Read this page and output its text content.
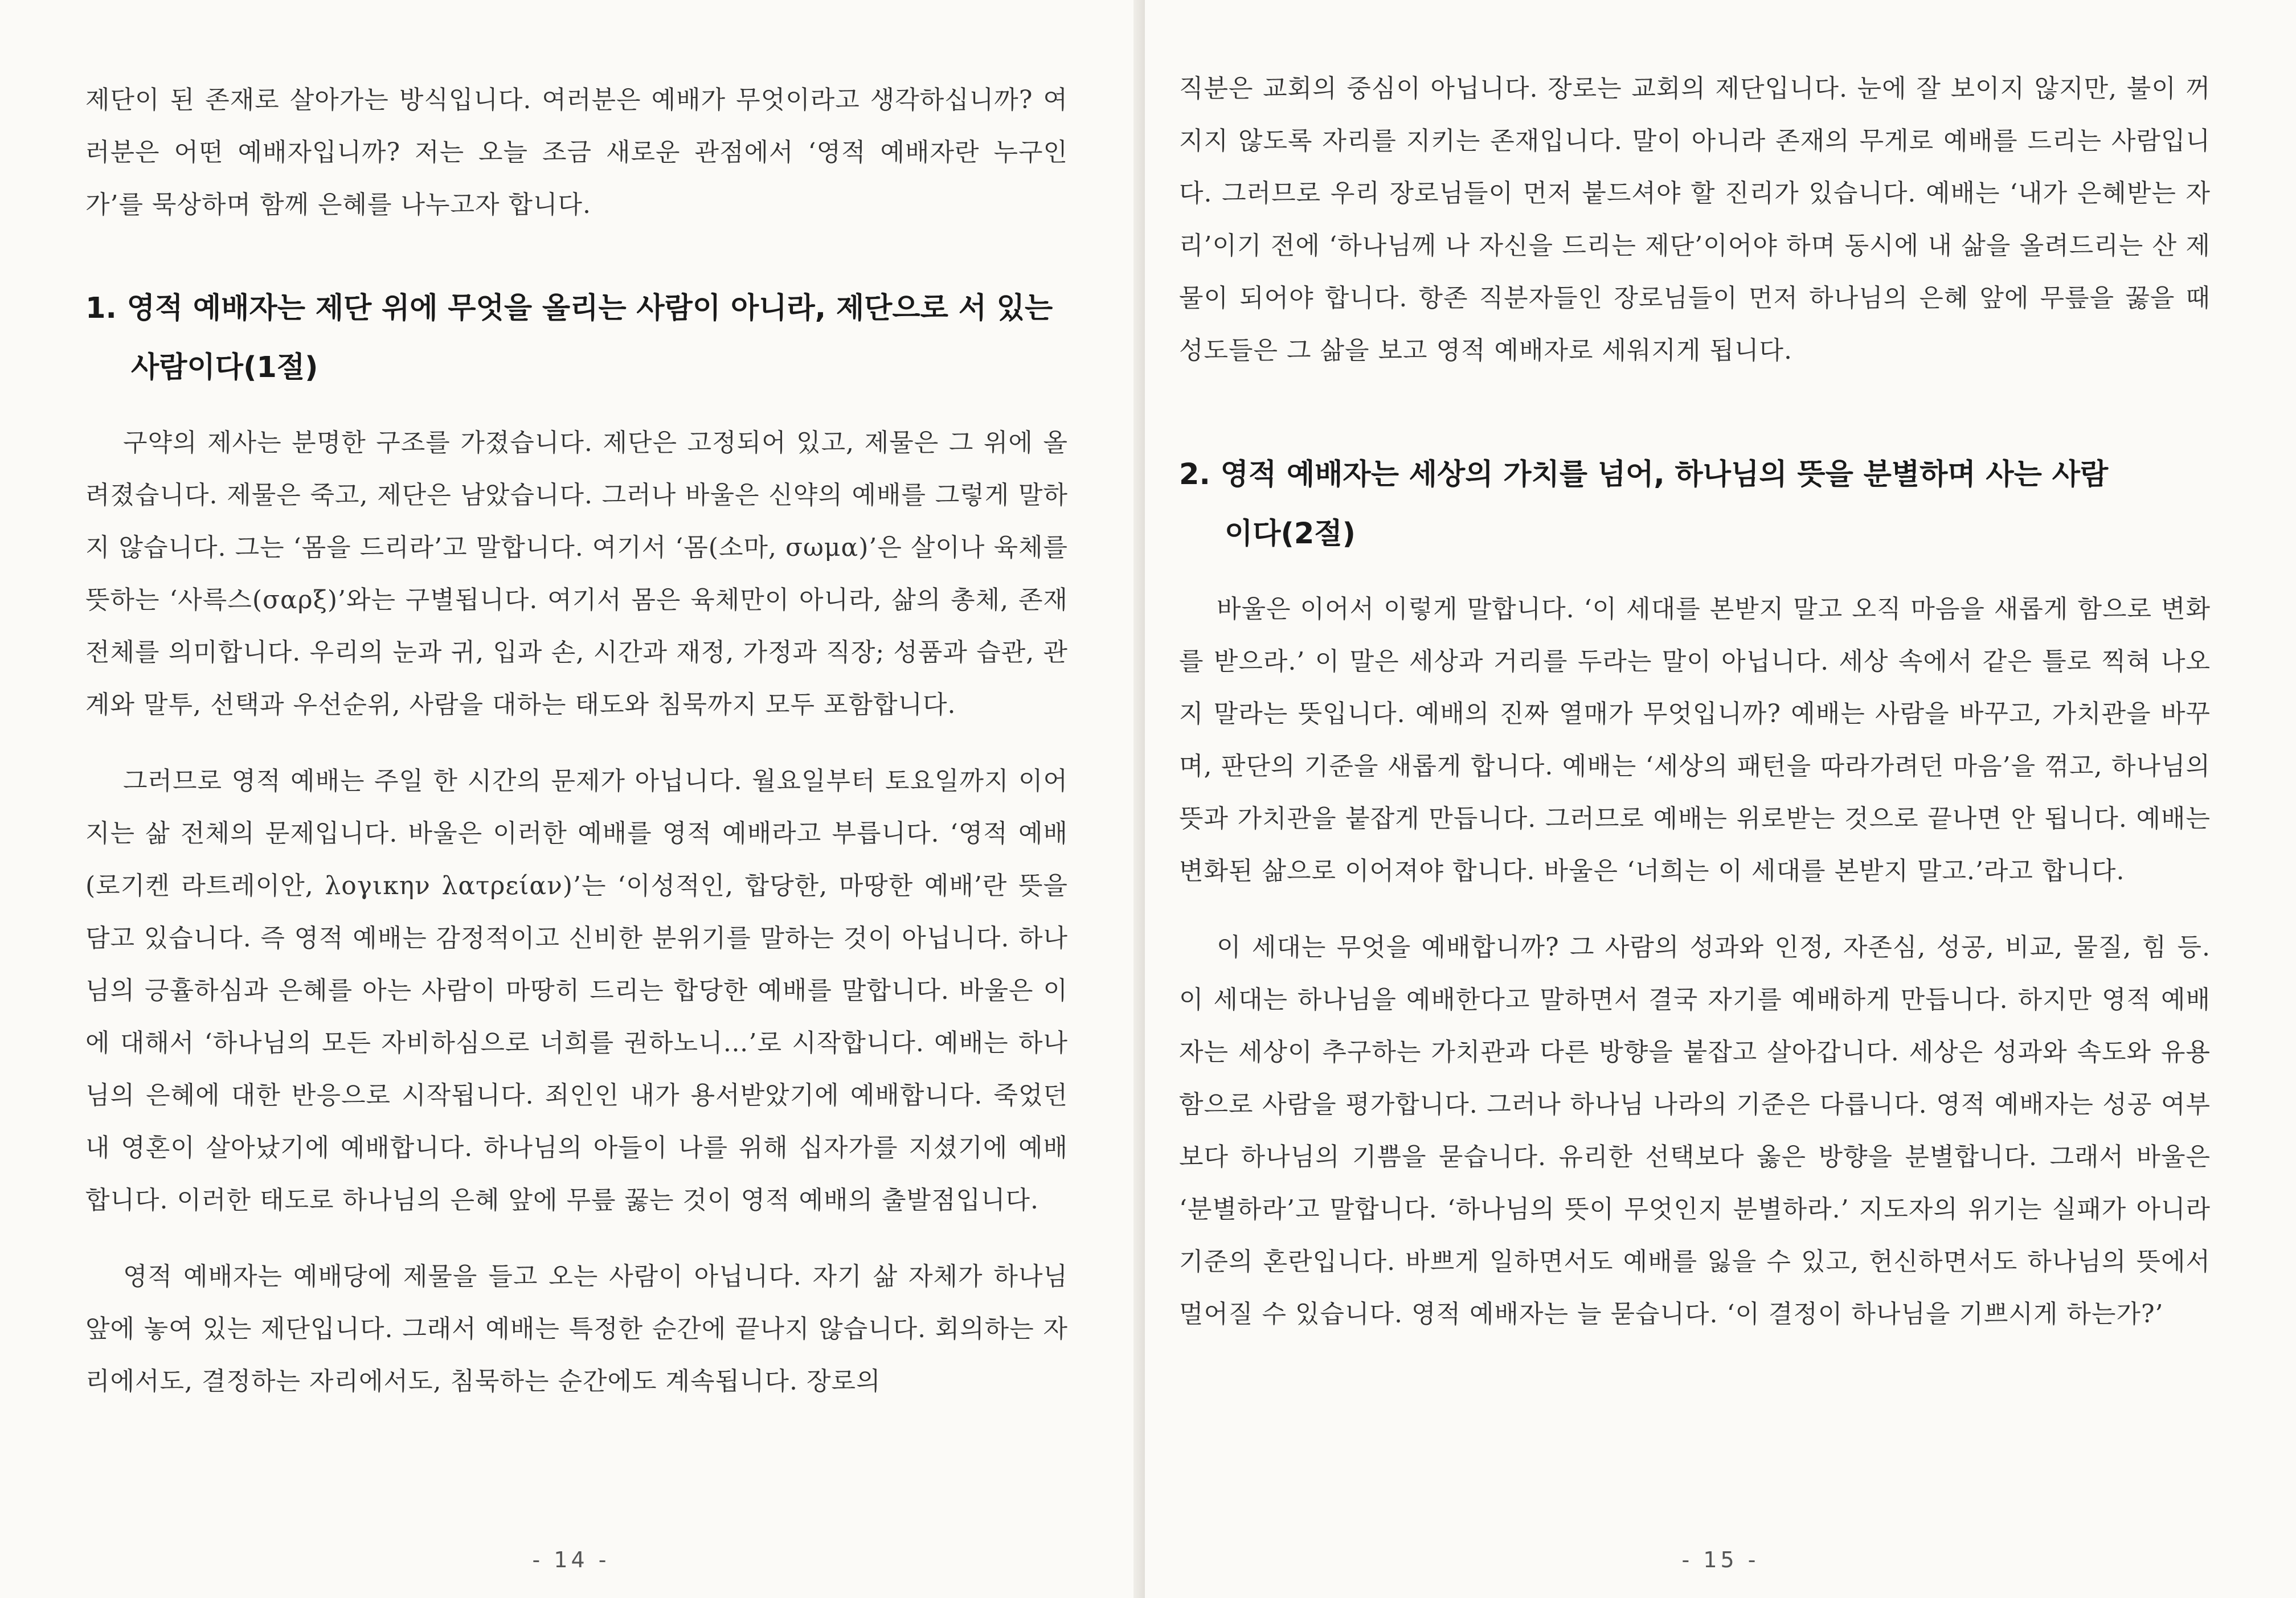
제단이 된 존재로 살아가는 방식입니다. 여러분은 예배가 무엇이라고 생각하십니까? 여러분은 어떤 예배자입니까? 저는 오늘 조금 새로운 관점에서 ‘영적 예배자란 누구인가’를 묵상하며 함께 은혜를 나누고자 합니다.

1. 영적 예배자는 제단 위에 무엇을 올리는 사람이 아니라, 제단으로 서 있는
사람이다(1절)

구약의 제사는 분명한 구조를 가졌습니다. 제단은 고정되어 있고, 제물은 그 위에 올려졌습니다. 제물은 죽고, 제단은 남았습니다. 그러나 바울은 신약의 예배를 그렇게 말하지 않습니다. 그는 ‘몸을 드리라’고 말합니다. 여기서 ‘몸(소마, σωμα)’은 살이나 육체를 뜻하는 ‘사륵스(σαρξ)’와는 구별됩니다. 여기서 몸은 육체만이 아니라, 삶의 총체, 존재 전체를 의미합니다. 우리의 눈과 귀, 입과 손, 시간과 재정, 가정과 직장; 성품과 습관, 관계와 말투, 선택과 우선순위, 사람을 대하는 태도와 침묵까지 모두 포함합니다.

그러므로 영적 예배는 주일 한 시간의 문제가 아닙니다. 월요일부터 토요일까지 이어지는 삶 전체의 문제입니다. 바울은 이러한 예배를 영적 예배라고 부릅니다. ‘영적 예배(로기켄 라트레이안, λογικην λατρείαν)’는 ‘이성적인, 합당한, 마땅한 예배’란 뜻을 담고 있습니다. 즉 영적 예배는 감정적이고 신비한 분위기를 말하는 것이 아닙니다. 하나님의 긍휼하심과 은혜를 아는 사람이 마땅히 드리는 합당한 예배를 말합니다. 바울은 이에 대해서 ‘하나님의 모든 자비하심으로 너희를 권하노니…’로 시작합니다. 예배는 하나님의 은혜에 대한 반응으로 시작됩니다. 죄인인 내가 용서받았기에 예배합니다. 죽었던 내 영혼이 살아났기에 예배합니다. 하나님의 아들이 나를 위해 십자가를 지셨기에 예배합니다. 이러한 태도로 하나님의 은혜 앞에 무릎 꿇는 것이 영적 예배의 출발점입니다.

영적 예배자는 예배당에 제물을 들고 오는 사람이 아닙니다. 자기 삶 자체가 하나님 앞에 놓여 있는 제단입니다. 그래서 예배는 특정한 순간에 끝나지 않습니다. 회의하는 자리에서도, 결정하는 자리에서도, 침묵하는 순간에도 계속됩니다. 장로의

- 14 -

직분은 교회의 중심이 아닙니다. 장로는 교회의 제단입니다. 눈에 잘 보이지 않지만, 불이 꺼지지 않도록 자리를 지키는 존재입니다. 말이 아니라 존재의 무게로 예배를 드리는 사람입니다. 그러므로 우리 장로님들이 먼저 붙드셔야 할 진리가 있습니다. 예배는 ‘내가 은혜받는 자리’이기 전에 ‘하나님께 나 자신을 드리는 제단’이어야 하며 동시에 내 삶을 올려드리는 산 제물이 되어야 합니다. 항존 직분자들인 장로님들이 먼저 하나님의 은혜 앞에 무릎을 꿇을 때 성도들은 그 삶을 보고 영적 예배자로 세워지게 됩니다.

2. 영적 예배자는 세상의 가치를 넘어, 하나님의 뜻을 분별하며 사는 사람
이다(2절)

바울은 이어서 이렇게 말합니다. ‘이 세대를 본받지 말고 오직 마음을 새롭게 함으로 변화를 받으라.’ 이 말은 세상과 거리를 두라는 말이 아닙니다. 세상 속에서 같은 틀로 찍혀 나오지 말라는 뜻입니다. 예배의 진짜 열매가 무엇입니까? 예배는 사람을 바꾸고, 가치관을 바꾸며, 판단의 기준을 새롭게 합니다. 예배는 ‘세상의 패턴을 따라가려던 마음’을 꺾고, 하나님의 뜻과 가치관을 붙잡게 만듭니다. 그러므로 예배는 위로받는 것으로 끝나면 안 됩니다. 예배는 변화된 삶으로 이어져야 합니다. 바울은 ‘너희는 이 세대를 본받지 말고.’라고 합니다.

이 세대는 무엇을 예배합니까? 그 사람의 성과와 인정, 자존심, 성공, 비교, 물질, 힘 등. 이 세대는 하나님을 예배한다고 말하면서 결국 자기를 예배하게 만듭니다. 하지만 영적 예배자는 세상이 추구하는 가치관과 다른 방향을 붙잡고 살아갑니다. 세상은 성과와 속도와 유용함으로 사람을 평가합니다. 그러나 하나님 나라의 기준은 다릅니다. 영적 예배자는 성공 여부보다 하나님의 기쁨을 묻습니다. 유리한 선택보다 옳은 방향을 분별합니다. 그래서 바울은 ‘분별하라’고 말합니다. ‘하나님의 뜻이 무엇인지 분별하라.’ 지도자의 위기는 실패가 아니라 기준의 혼란입니다. 바쁘게 일하면서도 예배를 잃을 수 있고, 헌신하면서도 하나님의 뜻에서 멀어질 수 있습니다. 영적 예배자는 늘 묻습니다. ‘이 결정이 하나님을 기쁘시게 하는가?’

- 15 -
